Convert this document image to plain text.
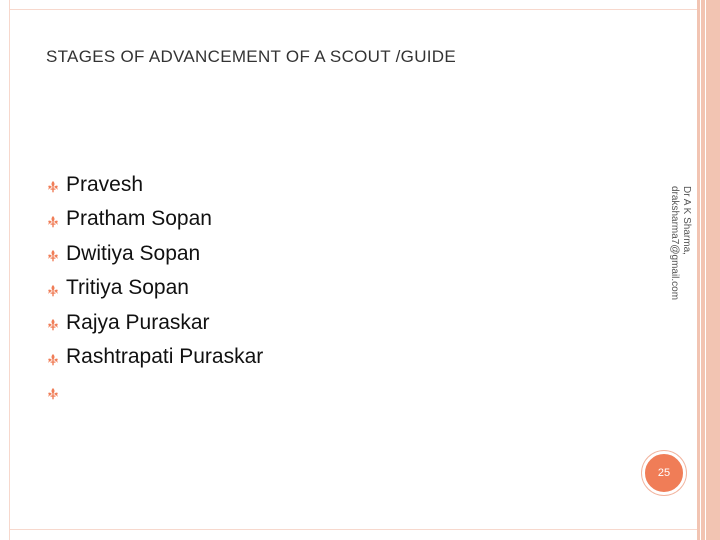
STAGES OF ADVANCEMENT OF A SCOUT /GUIDE
Pravesh
Pratham Sopan
Dwitiya Sopan
Tritiya Sopan
Rajya Puraskar
Rashtrapati Puraskar
Dr A K Sharma, draksharma7@gmail.com
25
